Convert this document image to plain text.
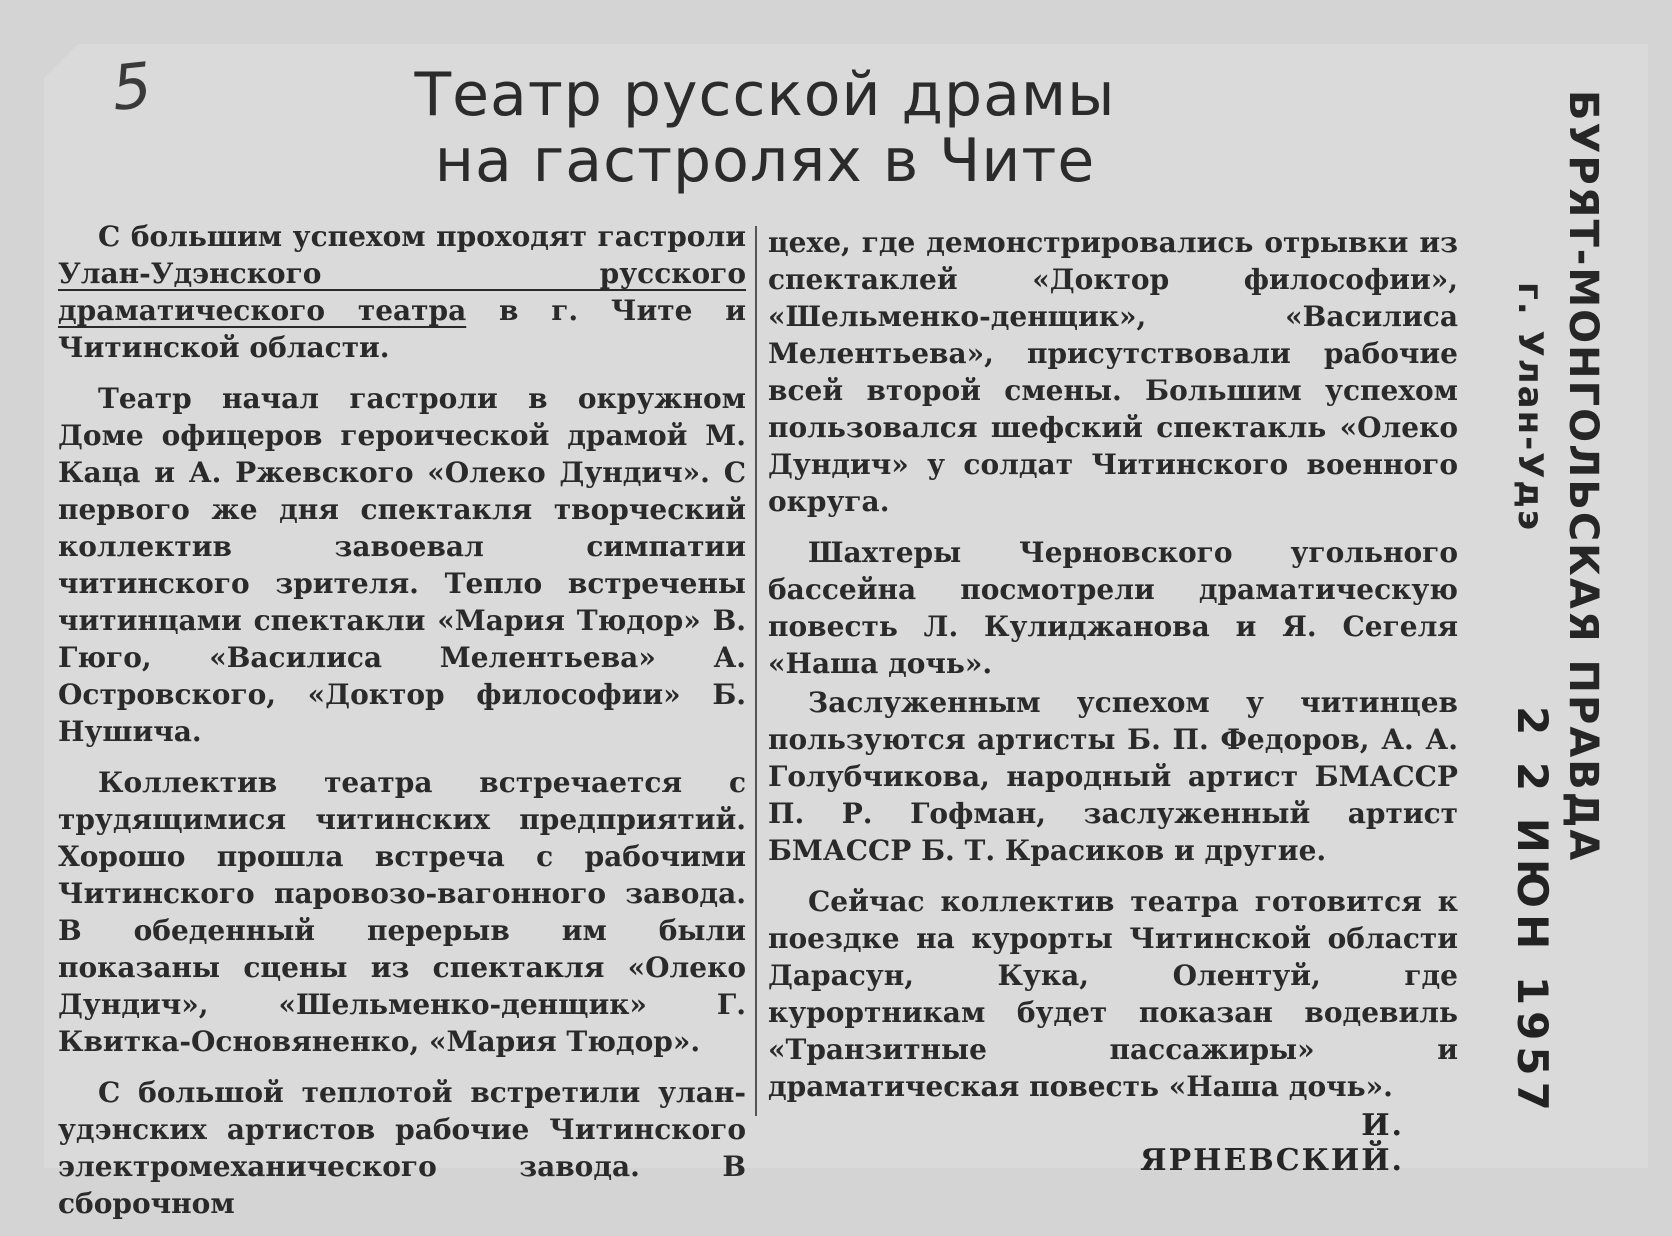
5	Театр русской драмы
на гастролях в Чите

С большим успехом проходят гастроли Улан-Удэнского русского драматического театра в г. Чите и Читинской области.

Театр начал гастроли в окружном Доме офицеров героической драмой М. Каца и А. Ржевского «Олеко Дундич». С первого же дня спектакля творческий коллектив завоевал симпатии читинского зрителя. Тепло встречены читинцами спектакли «Мария Тюдор» В. Гюго, «Василиса Мелентьева» А. Островского, «Доктор философии» Б. Нушича.

Коллектив театра встречается с трудящимися читинских предприятий. Хорошо прошла встреча с рабочими Читинского паровозо-вагонного завода. В обеденный перерыв им были показаны сцены из спектакля «Олеко Дундич», «Шельменко-денщик» Г. Квитка-Основяненко, «Мария Тюдор».

С большой теплотой встретили улан-удэнских артистов рабочие Читинского электромеханического завода. В сборочном

цехе, где демонстрировались отрывки из спектаклей «Доктор философии», «Шельменко-денщик», «Василиса Мелентьева», присутствовали рабочие всей второй смены. Большим успехом пользовался шефский спектакль «Олеко Дундич» у солдат Читинского военного округа.

Шахтеры Черновского угольного бассейна посмотрели драматическую повесть Л. Кулиджанова и Я. Сегеля «Наша дочь».

Заслуженным успехом у читинцев пользуются артисты Б. П. Федоров, А. А. Голубчикова, народный артист БМАССР П. Р. Гофман, заслуженный артист БМАССР Б. Т. Красиков и другие.

Сейчас коллектив театра готовится к поездке на курорты Читинской области Дарасун, Кука, Олентуй, где курортникам будет показан водевиль «Транзитные пассажиры» и драматическая повесть «Наша дочь».

И. ЯРНЕВСКИЙ.
БУРЯТ-МОНГОЛЬСКАЯ ПРАВДА
г. Улан-Удэ
2 2 ИЮН 1957
